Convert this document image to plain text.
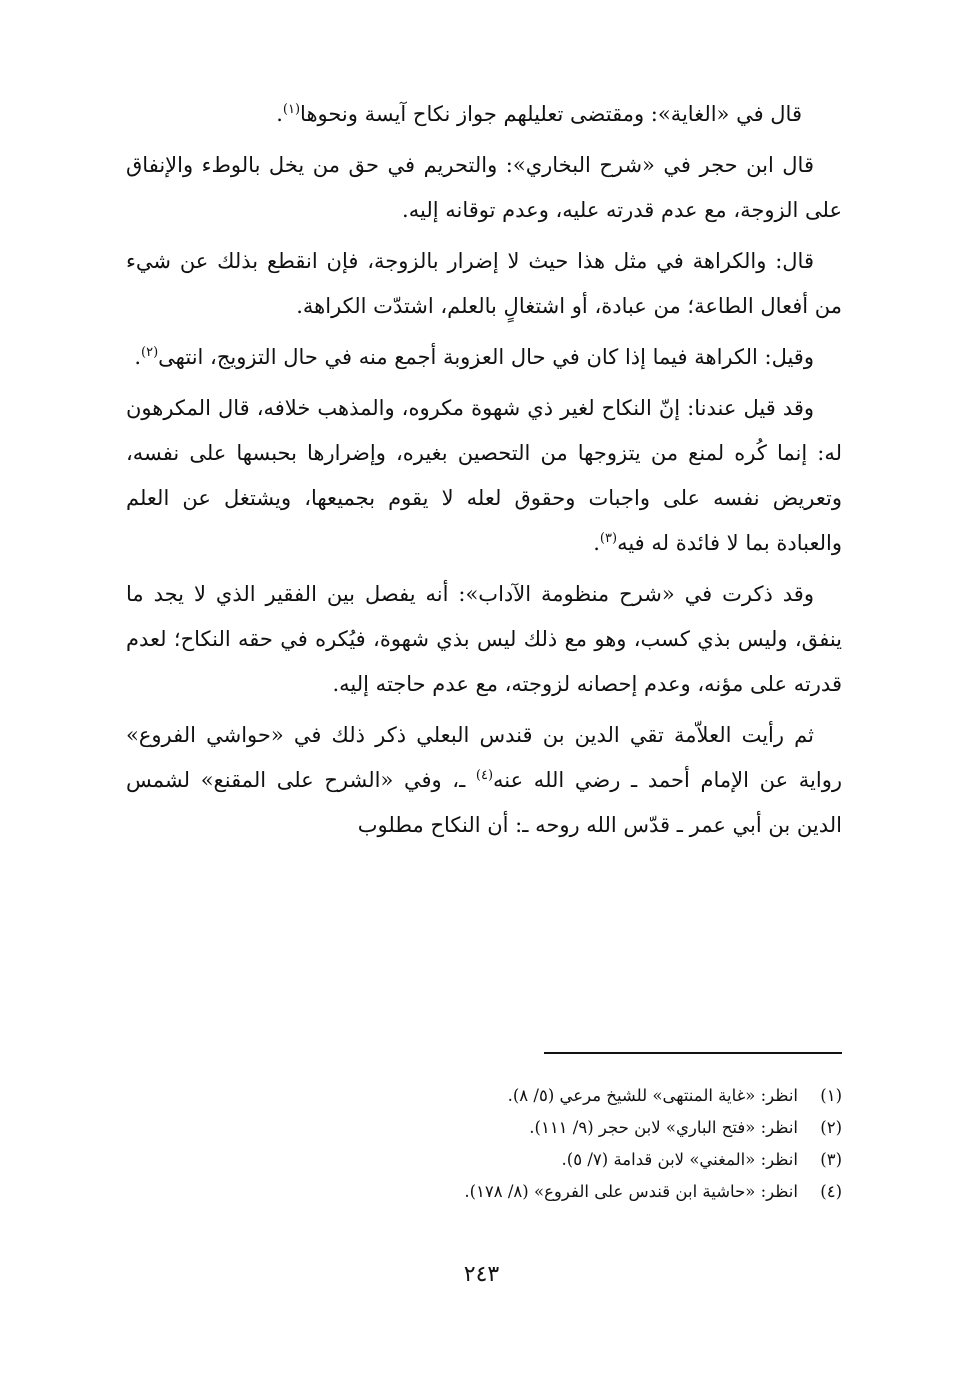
قال في «الغاية»: ومقتضى تعليلهم جواز نكاح آيسة ونحوها$^{(١)}$.

قال ابن حجر في «شرح البخاري»: والتحريم في حق من يخل بالوطء والإنفاق على الزوجة، مع عدم قدرته عليه، وعدم توقانه إليه.

قال: والكراهة في مثل هذا حيث لا إضرار بالزوجة، فإن انقطع بذلك عن شيء من أفعال الطاعة؛ من عبادة، أو اشتغالٍ بالعلم، اشتدّت الكراهة.

وقيل: الكراهة فيما إذا كان في حال العزوبة أجمع منه في حال التزويج، انتهى$^{(٢)}$.

وقد قيل عندنا: إنّ النكاح لغير ذي شهوة مكروه، والمذهب خلافه، قال المكرهون له: إنما كُره لمنع من يتزوجها من التحصين بغيره، وإضرارها بحبسها على نفسه، وتعريض نفسه على واجبات وحقوق لعله لا يقوم بجميعها، ويشتغل عن العلم والعبادة بما لا فائدة له فيه$^{(٣)}$.

وقد ذكرت في «شرح منظومة الآداب»: أنه يفصل بين الفقير الذي لا يجد ما ينفق، وليس بذي كسب، وهو مع ذلك ليس بذي شهوة، فيُكره في حقه النكاح؛ لعدم قدرته على مؤنه، وعدم إحصانه لزوجته، مع عدم حاجته إليه.

ثم رأيت العلاّمة تقي الدين بن قندس البعلي ذكر ذلك في «حواشي الفروع» رواية عن الإمام أحمد ـ رضي الله عنه$^{(٤)}$ ـ، وفي «الشرح على المقنع» لشمس الدين بن أبي عمر ـ قدّس الله روحه ـ: أن النكاح مطلوب

(١)انظر: «غاية المنتهى» للشيخ مرعي (٥/ ٨).
(٢)انظر: «فتح الباري» لابن حجر (٩/ ١١١).
(٣)انظر: «المغني» لابن قدامة (٧/ ٥).
(٤)انظر: «حاشية ابن قندس على الفروع» (٨/ ١٧٨).
٢٤٣
